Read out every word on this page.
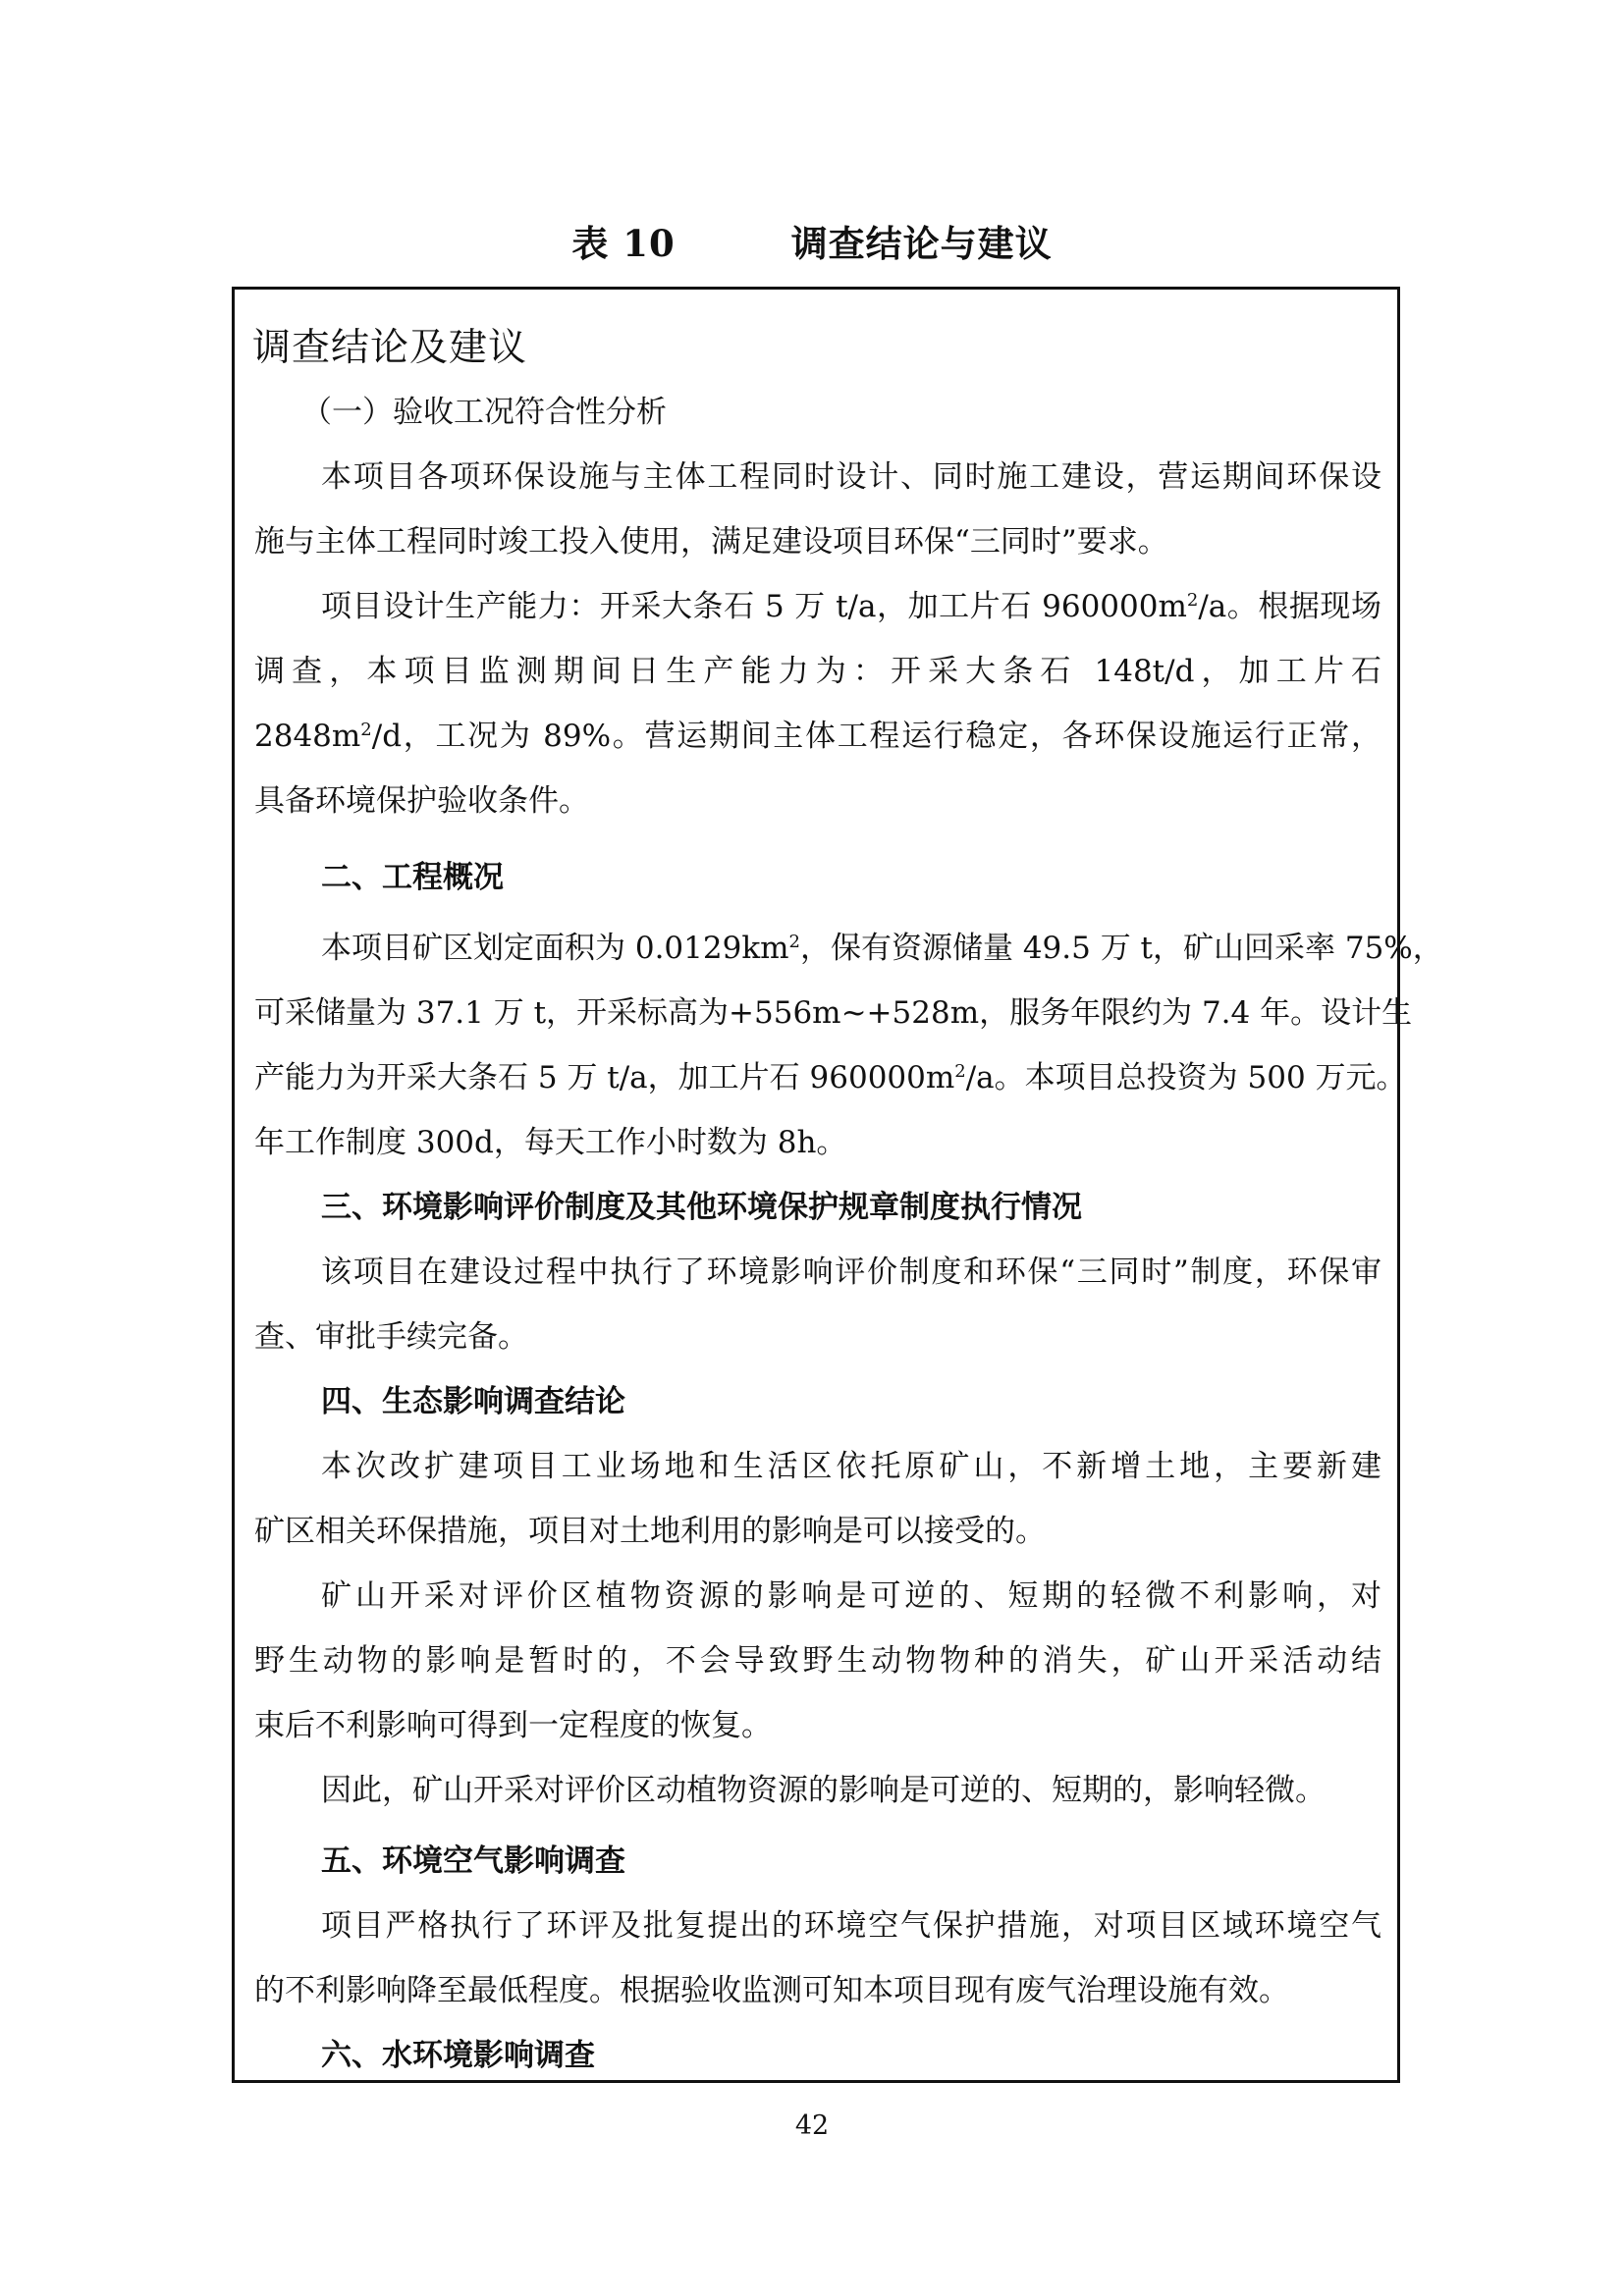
表 10	调查结论与建议
调查结论及建议
（一）验收工况符合性分析
本项目各项环保设施与主体工程同时设计、同时施工建设，营运期间环保设
施与主体工程同时竣工投入使用，满足建设项目环保“三同时”要求。
项目设计生产能力：开采大条石 5 万 t/a，加工片石 $960000m^2/a$。根据现场
调查，本项目监测期间日生产能力为：开采大条石 148t/d，加工片石
$2848m^2/d$，工况为 89%。营运期间主体工程运行稳定，各环保设施运行正常，
具备环境保护验收条件。
二、工程概况
本项目矿区划定面积为 $0.0129km^2$，保有资源储量 49.5 万 t，矿山回采率 75%，
可采储量为 37.1 万 t，开采标高为+556m~+528m，服务年限约为 7.4 年。设计生
产能力为开采大条石 5 万 t/a，加工片石 $960000m^2/a$。本项目总投资为 500 万元。
年工作制度 300d，每天工作小时数为 8h。
三、环境影响评价制度及其他环境保护规章制度执行情况
该项目在建设过程中执行了环境影响评价制度和环保“三同时”制度，环保审
查、审批手续完备。
四、生态影响调查结论
本次改扩建项目工业场地和生活区依托原矿山，不新增土地，主要新建
矿区相关环保措施，项目对土地利用的影响是可以接受的。
矿山开采对评价区植物资源的影响是可逆的、短期的轻微不利影响，对
野生动物的影响是暂时的，不会导致野生动物物种的消失，矿山开采活动结
束后不利影响可得到一定程度的恢复。
因此，矿山开采对评价区动植物资源的影响是可逆的、短期的，影响轻微。
五、环境空气影响调查
项目严格执行了环评及批复提出的环境空气保护措施，对项目区域环境空气
的不利影响降至最低程度。根据验收监测可知本项目现有废气治理设施有效。
六、水环境影响调查
42
